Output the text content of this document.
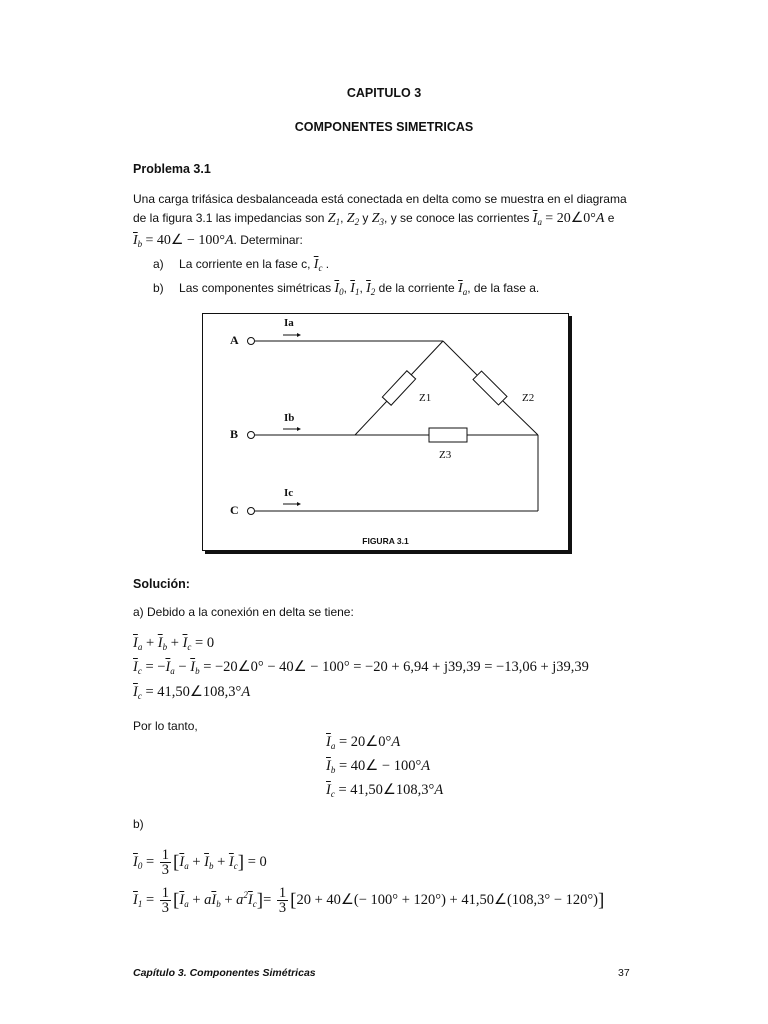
CAPITULO 3
COMPONENTES SIMETRICAS
Problema 3.1
Una carga trifásica desbalanceada está conectada en delta como se muestra en el diagrama
de la figura 3.1 las impedancias son $Z_1$, $Z_2$ y $Z_3$, y se conoce las corrientes $\overline{I}_a$ = 20∠0°A e
$\overline{I}_b$ = 40∠ − 100°A. Determinar:
a) La corriente en la fase c, $\overline{I}_c$ .
b) Las componentes simétricas $\overline{I}_0$, $\overline{I}_1$, $\overline{I}_2$ de la corriente $\overline{I}_a$, de la fase a.
A
B
C
Ia
Ib
Ic
Z1	Z2
Z3
FIGURA 3.1
Solución:
a) Debido a la conexión en delta se tiene:
$\overline{I}_a + \overline{I}_b + \overline{I}_c = 0$
$\overline{I}_c = -\overline{I}_a - \overline{I}_b$ = −20∠0° − 40∠ − 100° = −20 + 6,94 + j39,39 = −13,06 + j39,39
$\overline{I}_c$ = 41,50∠108,3°A
Por lo tanto,
$\overline{I}_a$ = 20∠0°A
$\overline{I}_b$ = 40∠ − 100°A
$\overline{I}_c$ = 41,50∠108,3°A
b)
$\overline{I}_0 = \frac{1}{3} [\overline{I}_a + \overline{I}_b + \overline{I}_c] = 0$
$\overline{I}_1 = \frac{1}{3} [\overline{I}_a + a\overline{I}_b + a^2\overline{I}_c]= \frac{1}{3} [20$ + 40∠(− 100° + 120°) + 41,50∠(108,3° − 120°)]
Capítulo 3. Componentes Simétricas	37
